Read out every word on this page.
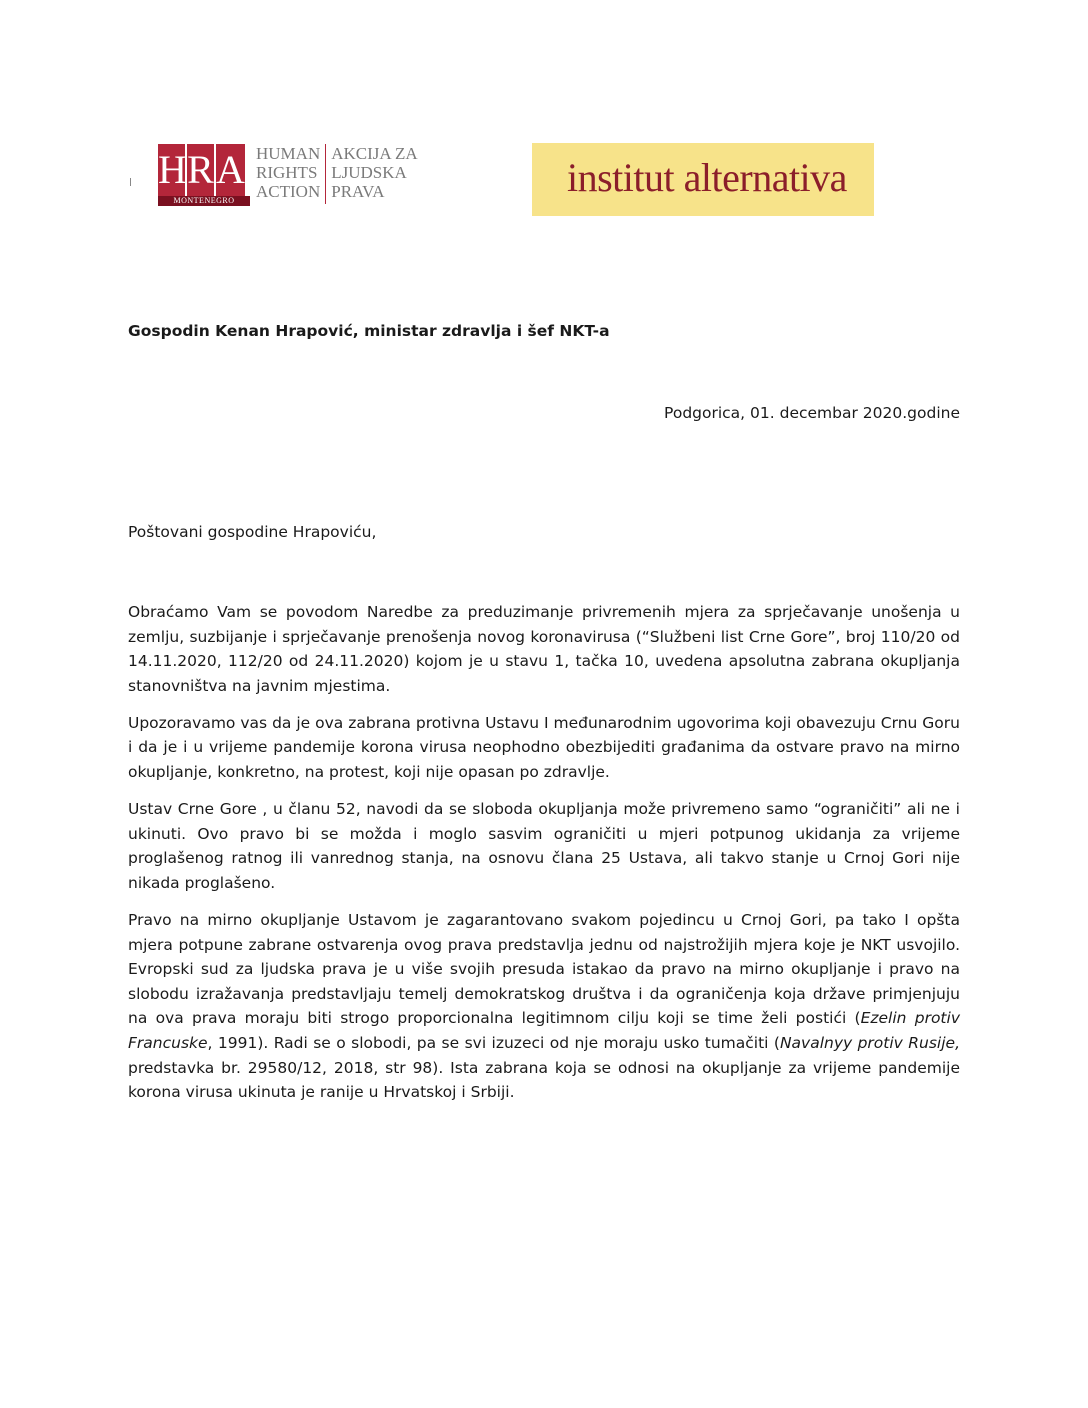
H R A
MONTENEGRO
HUMAN
RIGHTS
ACTION
AKCIJA ZA
LJUDSKA
PRAVA	institut alternativa
Gospodin Kenan Hrapović, ministar zdravlja i šef NKT-a
Podgorica, 01. decembar 2020.godine
Poštovani gospodine Hrapoviću,

Obraćamo Vam se povodom Naredbe za preduzimanje privremenih mjera za sprječavanje unošenja u zemlju, suzbijanje i sprječavanje prenošenja novog koronavirusa (“Službeni list Crne Gore”, broj 110/20 od 14.11.2020, 112/20 od 24.11.2020) kojom je u stavu 1, tačka 10, uvedena apsolutna zabrana okupljanja stanovništva na javnim mjestima.

Upozoravamo vas da je ova zabrana protivna Ustavu I međunarodnim ugovorima koji obavezuju Crnu Goru i da je i u vrijeme pandemije korona virusa neophodno obezbijediti građanima da ostvare pravo na mirno okupljanje, konkretno, na protest, koji nije opasan po zdravlje.

Ustav Crne Gore , u članu 52, navodi da se sloboda okupljanja može privremeno samo “ograničiti” ali ne i ukinuti. Ovo pravo bi se možda i moglo sasvim ograničiti u mjeri potpunog ukidanja za vrijeme proglašenog ratnog ili vanrednog stanja, na osnovu člana 25 Ustava, ali takvo stanje u Crnoj Gori nije nikada proglašeno.

Pravo na mirno okupljanje Ustavom je zagarantovano svakom pojedincu u Crnoj Gori, pa tako I opšta mjera potpune zabrane ostvarenja ovog prava predstavlja jednu od najstrožijih mjera koje je NKT usvojilo. Evropski sud za ljudska prava je u više svojih presuda istakao da pravo na mirno okupljanje i pravo na slobodu izražavanja predstavljaju temelj demokratskog društva i da ograničenja koja države primjenjuju na ova prava moraju biti strogo proporcionalna legitimnom cilju koji se time želi postići (Ezelin protiv Francuske, 1991). Radi se o slobodi, pa se svi izuzeci od nje moraju usko tumačiti (Navalnyy protiv Rusije, predstavka br. 29580/12, 2018, str 98). Ista zabrana koja se odnosi na okupljanje za vrijeme pandemije korona virusa ukinuta je ranije u Hrvatskoj i Srbiji.
